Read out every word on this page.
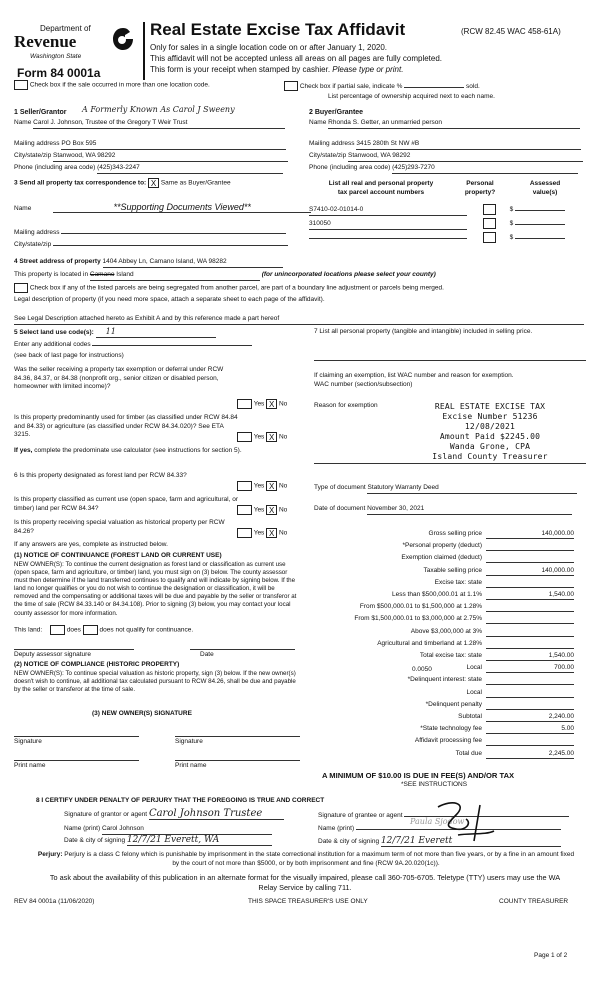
Department of
Revenue
Washington State
Form 84 0001a
Real Estate Excise Tax Affidavit	(RCW 82.45 WAC 458-61A)
Only for sales in a single location code on or after January 1, 2020.
This affidavit will not be accepted unless all areas on all pages are fully completed.
This form is your receipt when stamped by cashier. Please type or print.
Check box if the sale occurred in more than one location code.	Check box if partial sale, indicate %	sold.
List percentage of ownership acquired next to each name.
1 Seller/Grantor A Formerly Known As Carol J Sweeny
Name Carol J. Johnson, Trustee of the Gregory T Weir Trust
Mailing address PO Box 595
City/state/zip Stanwood, WA 98292
Phone (including area code) (425)343-2247
2 Buyer/Grantee
Name Rhonda S. Getter, an unmarried person
Mailing address 3415 280th St NW #B
City/state/zip Stanwood, WA 98292
Phone (including area code) (425)293-7270
3 Send all property tax correspondence to: X Same as Buyer/Grantee
Name	**Supporting Documents Viewed**
Mailing address
City/state/zip
List all real and personal property
tax parcel account numbers
Personal
property?
Assessed
value(s)
S7410-02-01014-0	$
310050	$
$
4 Street address of property 1404 Abbey Ln, Camano Island, WA 98282
This property is located in Camano Island	(for unincorporated locations please select your county)
Check box if any of the listed parcels are being segregated from another parcel, are part of a boundary line adjustment or parcels being merged.
Legal description of property (if you need more space, attach a separate sheet to each page of the affidavit).
See Legal Description attached hereto as Exhibit A and by this reference made a part hereof
5 Select land use code(s): 11
Enter any additional codes
(see back of last page for instructions)
Was the seller receiving a property tax exemption or deferral under RCW 84.36, 84.37, or 84.38 (nonprofit org., senior citizen or disabled person, homeowner with limited income)?
Yes X No
Is this property predominantly used for timber (as classified under RCW 84.84 and 84.33) or agriculture (as classified under RCW 84.34.020)? See ETA 3215.	Yes X No
If yes, complete the predominate use calculator (see instructions for section 5).
6 Is this property designated as forest land per RCW 84.33?
Yes X No
Is this property classified as current use (open space, farm and agricultural, or timber) land per RCW 84.34?	Yes X No
Is this property receiving special valuation as historical property per RCW 84.26?	Yes X No
If any answers are yes, complete as instructed below.
(1) NOTICE OF CONTINUANCE (FOREST LAND OR CURRENT USE)
NEW OWNER(S): To continue the current designation as forest land or classification as current use (open space, farm and agriculture, or timber) land, you must sign on (3) below. The county assessor must then determine if the land transferred continues to qualify and will indicate by signing below. If the land no longer qualifies or you do not wish to continue the designation or classification, it will be removed and the compensating or additional taxes will be due and payable by the seller or transferor at the time of sale (RCW 84.33.140 or 84.34.108). Prior to signing (3) below, you may contact your local county assessor for more information.
This land:	does	does not qualify for continuance.
Deputy assessor signature	Date
(2) NOTICE OF COMPLIANCE (HISTORIC PROPERTY)
NEW OWNER(S): To continue special valuation as historic property, sign (3) below. If the new owner(s) doesn't wish to continue, all additional tax calculated pursuant to RCW 84.26, shall be due and payable by the seller or transferor at the time of sale.
(3) NEW OWNER(S) SIGNATURE
Signature	Signature
Print name	Print name
7 List all personal property (tangible and intangible) included in selling price.
If claiming an exemption, list WAC number and reason for exemption.
WAC number (section/subsection)
Reason for exemption	REAL ESTATE EXCISE TAX
Excise Number 51236
12/08/2021
Amount Paid $2245.00
Wanda Grone, CPA
Island County Treasurer
Type of document Statutory Warranty Deed
Date of document November 30, 2021
Gross selling price	140,000.00
*Personal property (deduct)
Exemption claimed (deduct)
Taxable selling price	140,000.00
Excise tax: state
Less than $500,000.01 at 1.1%	1,540.00
From $500,000.01 to $1,500,000 at 1.28%
From $1,500,000.01 to $3,000,000 at 2.75%
Above $3,000,000 at 3%
Agricultural and timberland at 1.28%
Total excise tax: state	1,540.00
Local	700.00
*Delinquent interest: state
Local
*Delinquent penalty
Subtotal	2,240.00
*State technology fee	5.00
Affidavit processing fee
Total due	2,245.00
0.0050
A MINIMUM OF $10.00 IS DUE IN FEE(S) AND/OR TAX
*SEE INSTRUCTIONS
8 I CERTIFY UNDER PENALTY OF PERJURY THAT THE FOREGOING IS TRUE AND CORRECT
Signature of grantor or agent Carol Johnson Trustee
Name (print) Carol Johnson
Date & city of signing 12/7/21 Everett, WA
Signature of grantee or agent
Name (print)
Date & city of signing 12/7/21 Everett
Paula Sjodow
Perjury: Perjury is a class C felony which is punishable by imprisonment in the state correctional institution for a maximum term of not more than five years, or by a fine in an amount fixed by the court of not more than $5000, or by both imprisonment and fine (RCW 9A.20.020(1c)).
To ask about the availability of this publication in an alternate format for the visually impaired, please call 360-705-6705. Teletype (TTY) users may use the WA Relay Service by calling 711.
REV 84 0001a (11/06/2020)	THIS SPACE TREASURER'S USE ONLY	COUNTY TREASURER
Page 1 of 2
